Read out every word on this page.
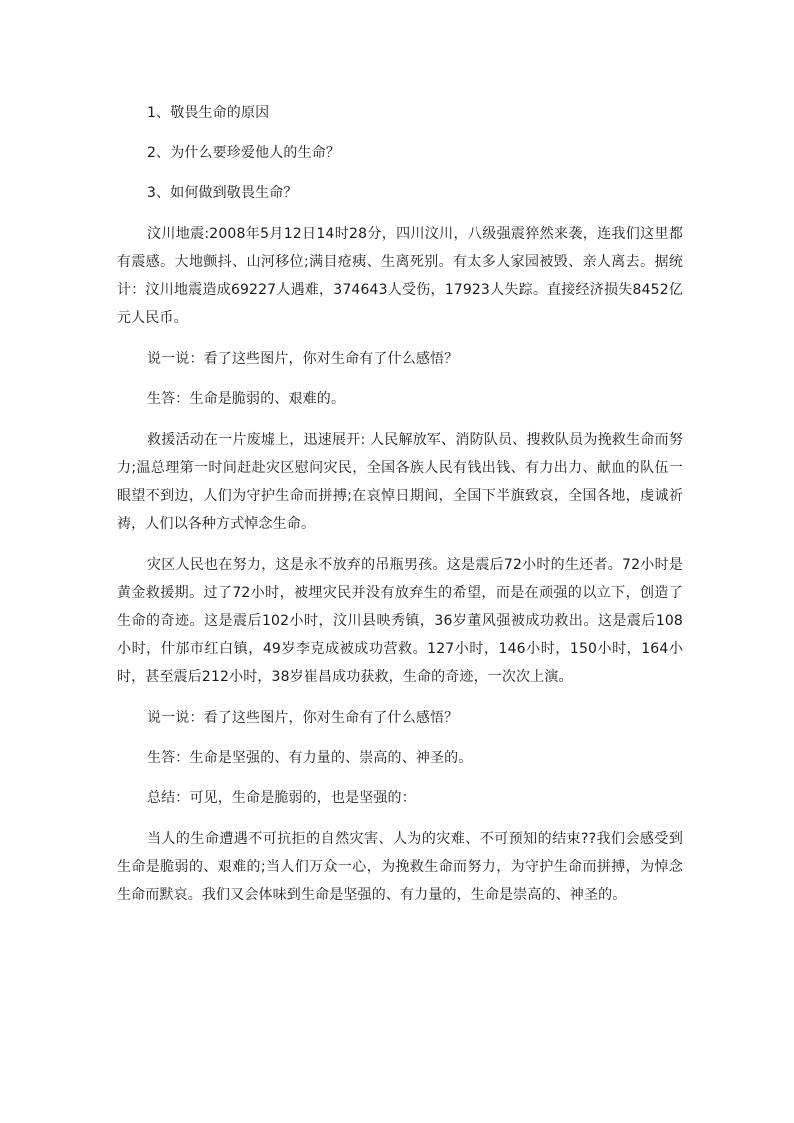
1、敬畏生命的原因

2、为什么要珍爱他人的生命？

3、如何做到敬畏生命？

汶川地震:2008年5月12日14时28分，四川汶川，八级强震猝然来袭，连我们这里都有震感。大地颤抖、山河移位;满目疮痍、生离死别。有太多人家园被毁、亲人离去。据统计：汶川地震造成69227人遇难，374643人受伤，17923人失踪。直接经济损失8452亿元人民币。

说一说：看了这些图片，你对生命有了什么感悟？

生答：生命是脆弱的、艰难的。

救援活动在一片废墟上，迅速展开: 人民解放军、消防队员、搜救队员为挽救生命而努力;温总理第一时间赶赴灾区慰问灾民，全国各族人民有钱出钱、有力出力、献血的队伍一眼望不到边，人们为守护生命而拼搏;在哀悼日期间，全国下半旗致哀，全国各地，虔诚祈祷，人们以各种方式悼念生命。

灾区人民也在努力，这是永不放弃的吊瓶男孩。这是震后72小时的生还者。72小时是黄金救援期。过了72小时，被埋灾民并没有放弃生的希望，而是在顽强的以立下，创造了生命的奇迹。这是震后102小时，汶川县映秀镇，36岁董风强被成功救出。这是震后108小时，什邡市红白镇，49岁李克成被成功营救。127小时，146小时，150小时，164小时，甚至震后212小时，38岁崔昌成功获救，生命的奇迹，一次次上演。

说一说：看了这些图片，你对生命有了什么感悟？

生答：生命是坚强的、有力量的、崇高的、神圣的。

总结：可见，生命是脆弱的，也是坚强的：

当人的生命遭遇不可抗拒的自然灾害、人为的灾难、不可预知的结束??我们会感受到生命是脆弱的、艰难的;当人们万众一心，为挽救生命而努力，为守护生命而拼搏，为悼念生命而默哀。我们又会体味到生命是坚强的、有力量的，生命是崇高的、神圣的。
